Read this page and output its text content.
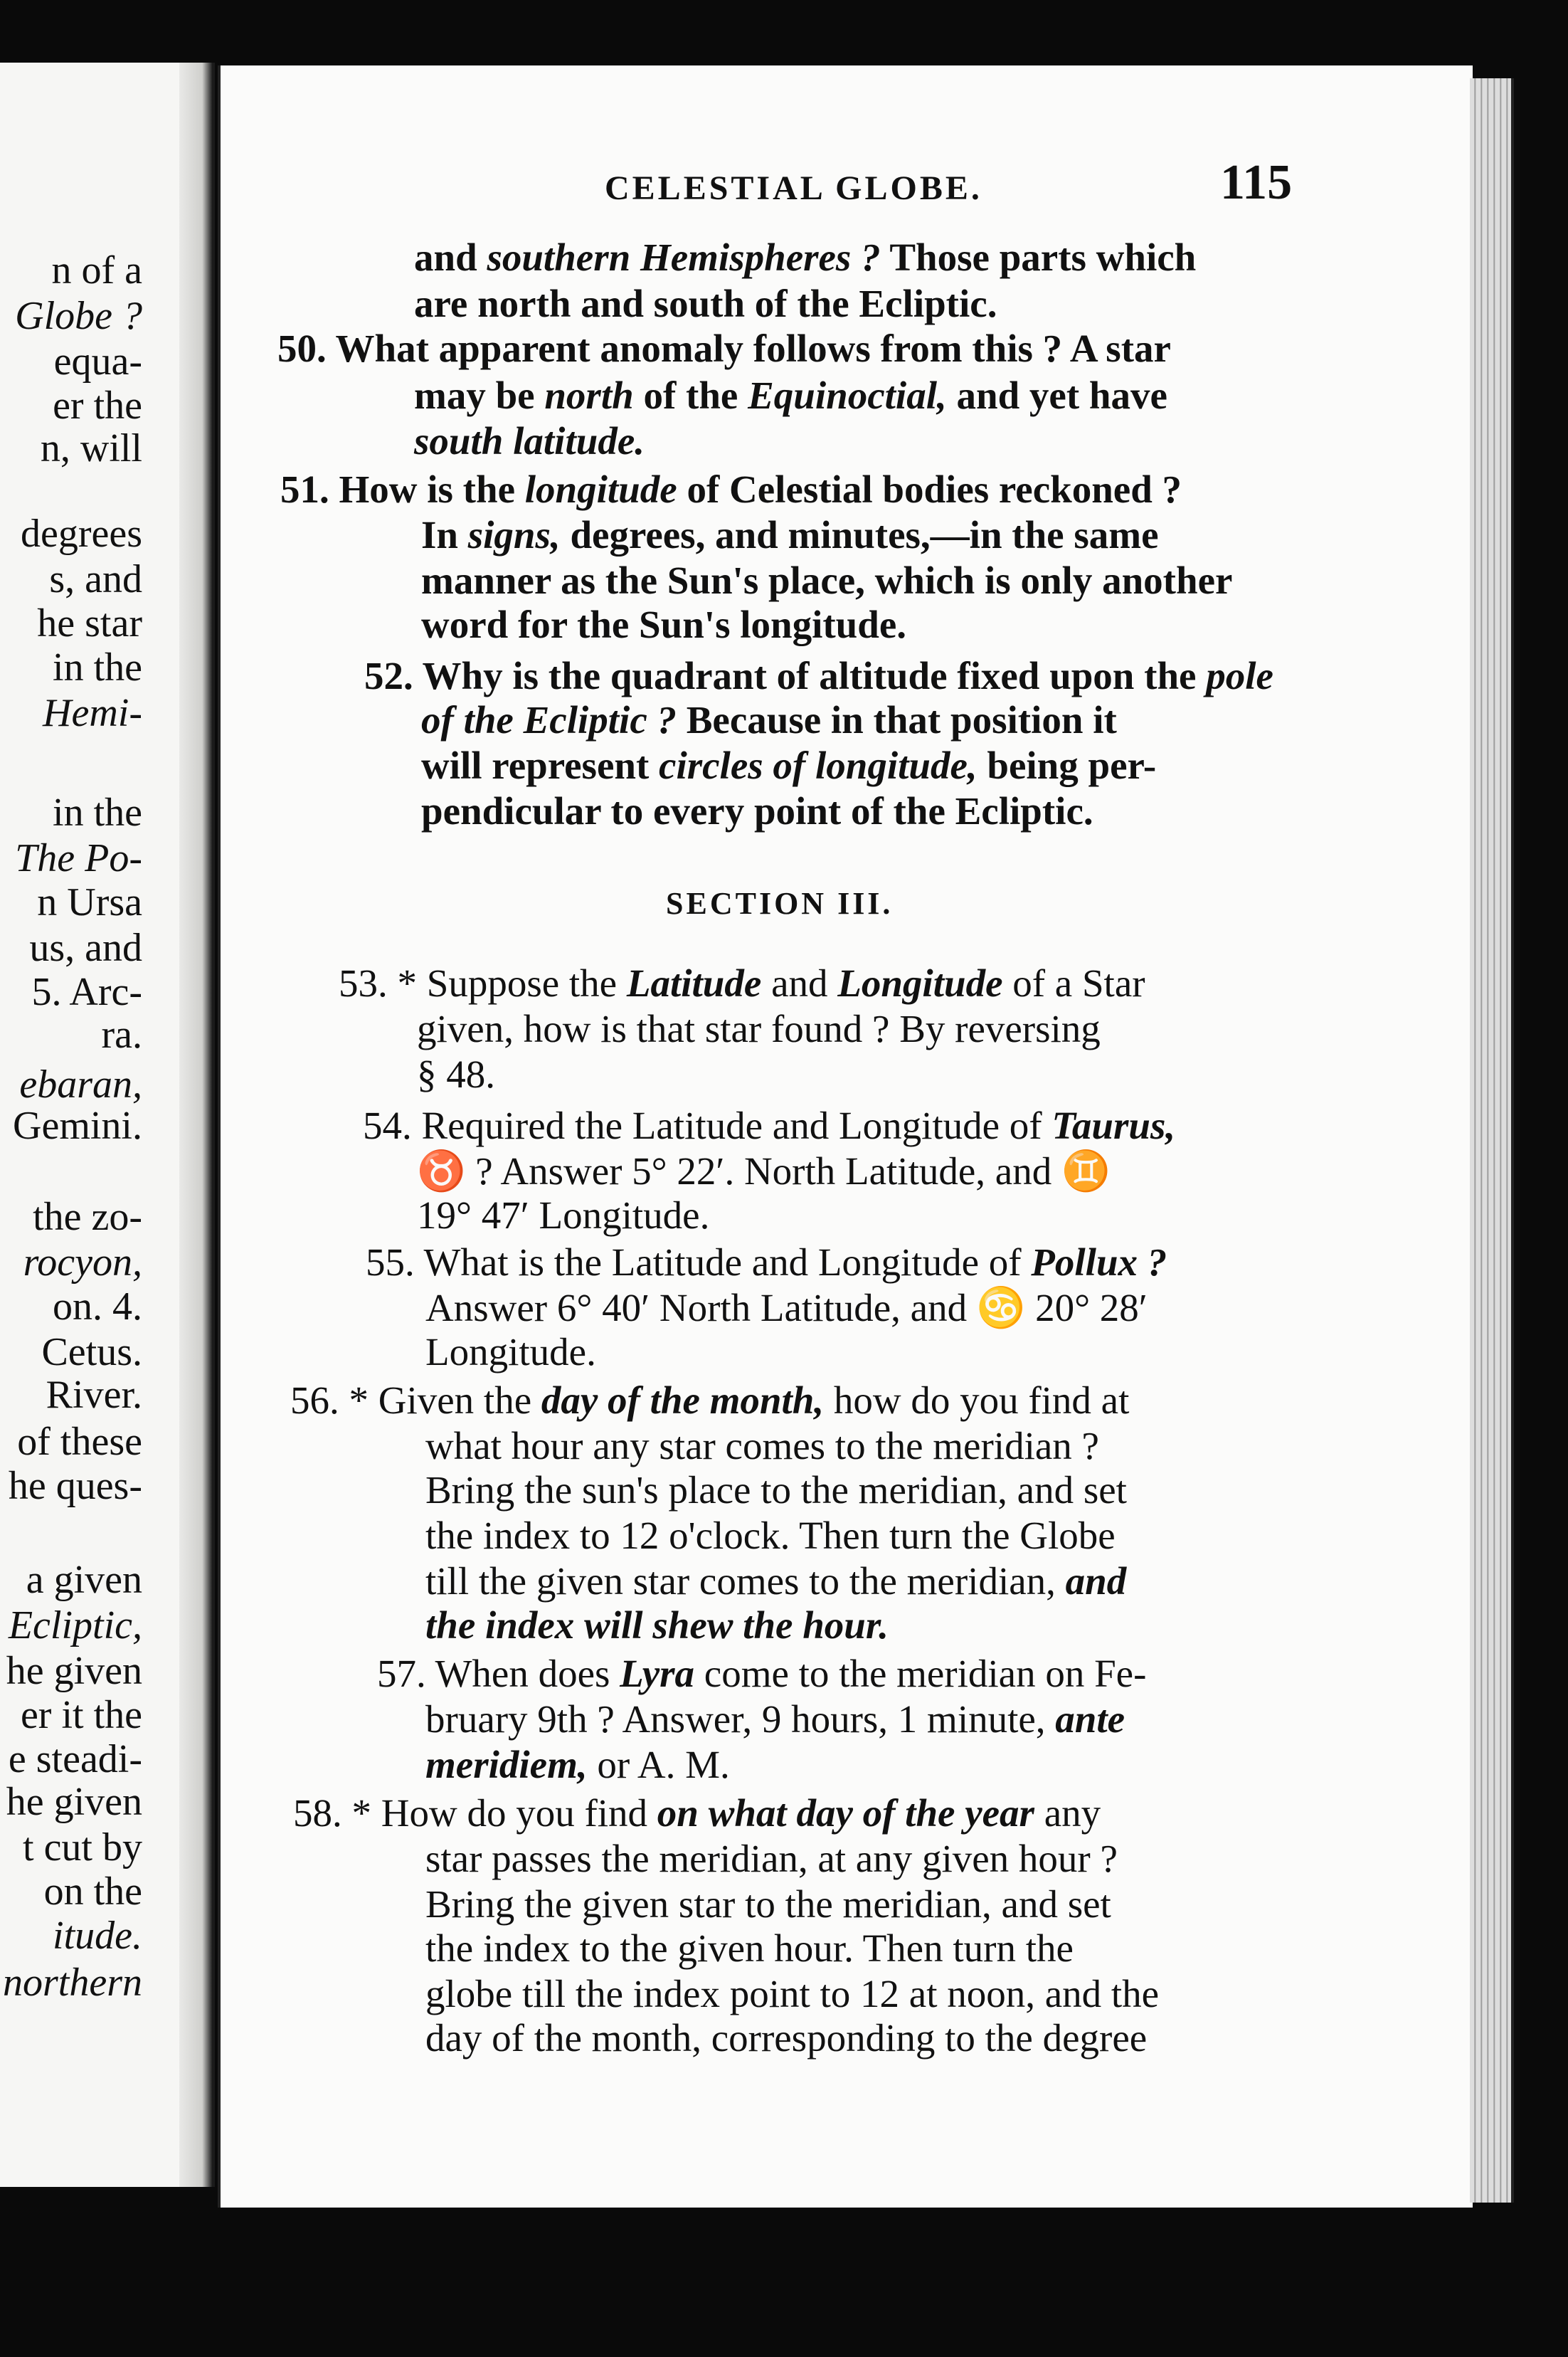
CELESTIAL GLOBE.	115
SECTION III.
n of a
Globe ?
equa-
er the
n, will
degrees
s, and
he star
in the
Hemi-
in the
The Po-
n Ursa
us, and
5. Arc-
ra.
ebaran,
Gemini.
the zo-
rocyon,
on. 4.
Cetus.
River.
of these
he ques-
a given
Ecliptic,
he given
er it the
e steadi-
he given
t cut by
on the
itude.
northern
and southern Hemispheres ? Those parts which
are north and south of the Ecliptic.
50. What apparent anomaly follows from this ? A star
may be north of the Equinoctial, and yet have
south latitude.
51. How is the longitude of Celestial bodies reckoned ?
In signs, degrees, and minutes,—in the same
manner as the Sun's place, which is only another
word for the Sun's longitude.
52. Why is the quadrant of altitude fixed upon the pole
of the Ecliptic ? Because in that position it
will represent circles of longitude, being per-
pendicular to every point of the Ecliptic.
53. * Suppose the Latitude and Longitude of a Star
given, how is that star found ? By reversing
§ 48.
54. Required the Latitude and Longitude of Taurus,
♉ ? Answer 5° 22′. North Latitude, and ♊
19° 47′ Longitude.
55. What is the Latitude and Longitude of Pollux ?
Answer 6° 40′ North Latitude, and ♋ 20° 28′
Longitude.
56. * Given the day of the month, how do you find at
what hour any star comes to the meridian ?
Bring the sun's place to the meridian, and set
the index to 12 o'clock. Then turn the Globe
till the given star comes to the meridian, and
the index will shew the hour.
57. When does Lyra come to the meridian on Fe-
bruary 9th ? Answer, 9 hours, 1 minute, ante
meridiem, or A. M.
58. * How do you find on what day of the year any
star passes the meridian, at any given hour ?
Bring the given star to the meridian, and set
the index to the given hour. Then turn the
globe till the index point to 12 at noon, and the
day of the month, corresponding to the degree
